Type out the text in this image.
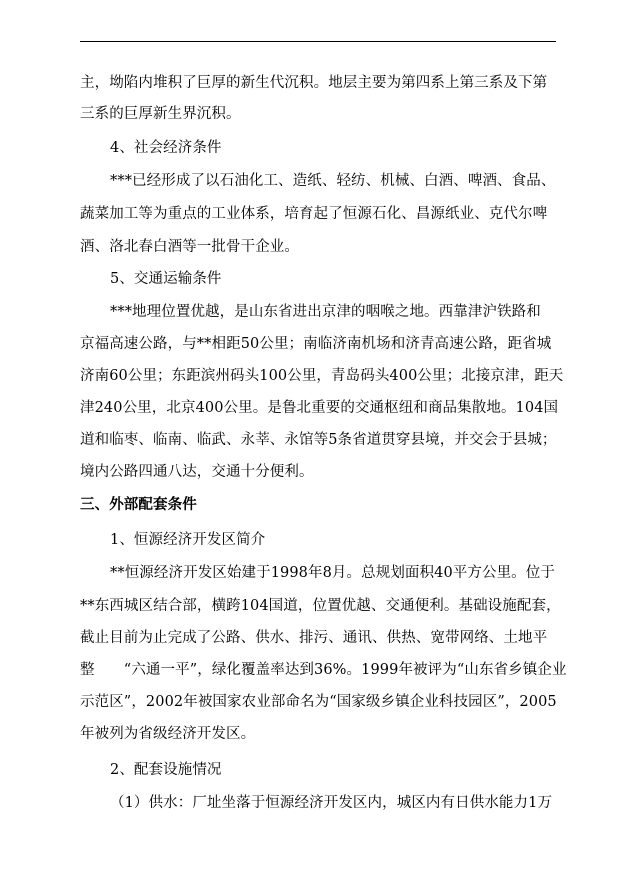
主，坳陷内堆积了巨厚的新生代沉积。地层主要为第四系上第三系及下第
三系的巨厚新生界沉积。
4、社会经济条件
***已经形成了以石油化工、造纸、轻纺、机械、白酒、啤酒、食品、
蔬菜加工等为重点的工业体系，培育起了恒源石化、昌源纸业、克代尔啤
酒、洛北春白酒等一批骨干企业。
5、交通运输条件
***地理位置优越，是山东省进出京津的咽喉之地。西靠津沪铁路和
京福高速公路，与**相距50公里；南临济南机场和济青高速公路，距省城
济南60公里；东距滨州码头100公里，青岛码头400公里；北接京津，距天
津240公里，北京400公里。是鲁北重要的交通枢纽和商品集散地。104国
道和临枣、临南、临武、永莘、永馆等5条省道贯穿县境，并交会于县城；
境内公路四通八达，交通十分便利。
三、外部配套条件
1、恒源经济开发区简介
**恒源经济开发区始建于1998年8月。总规划面积40平方公里。位于
**东西城区结合部，横跨104国道，位置优越、交通便利。基础设施配套，
截止目前为止完成了公路、供水、排污、通讯、供热、宽带网络、土地平
整　　“六通一平”，绿化覆盖率达到36%。1999年被评为“山东省乡镇企业
示范区”，2002年被国家农业部命名为“国家级乡镇企业科技园区”，2005
年被列为省级经济开发区。
2、配套设施情况
（1）供水：厂址坐落于恒源经济开发区内，城区内有日供水能力1万
